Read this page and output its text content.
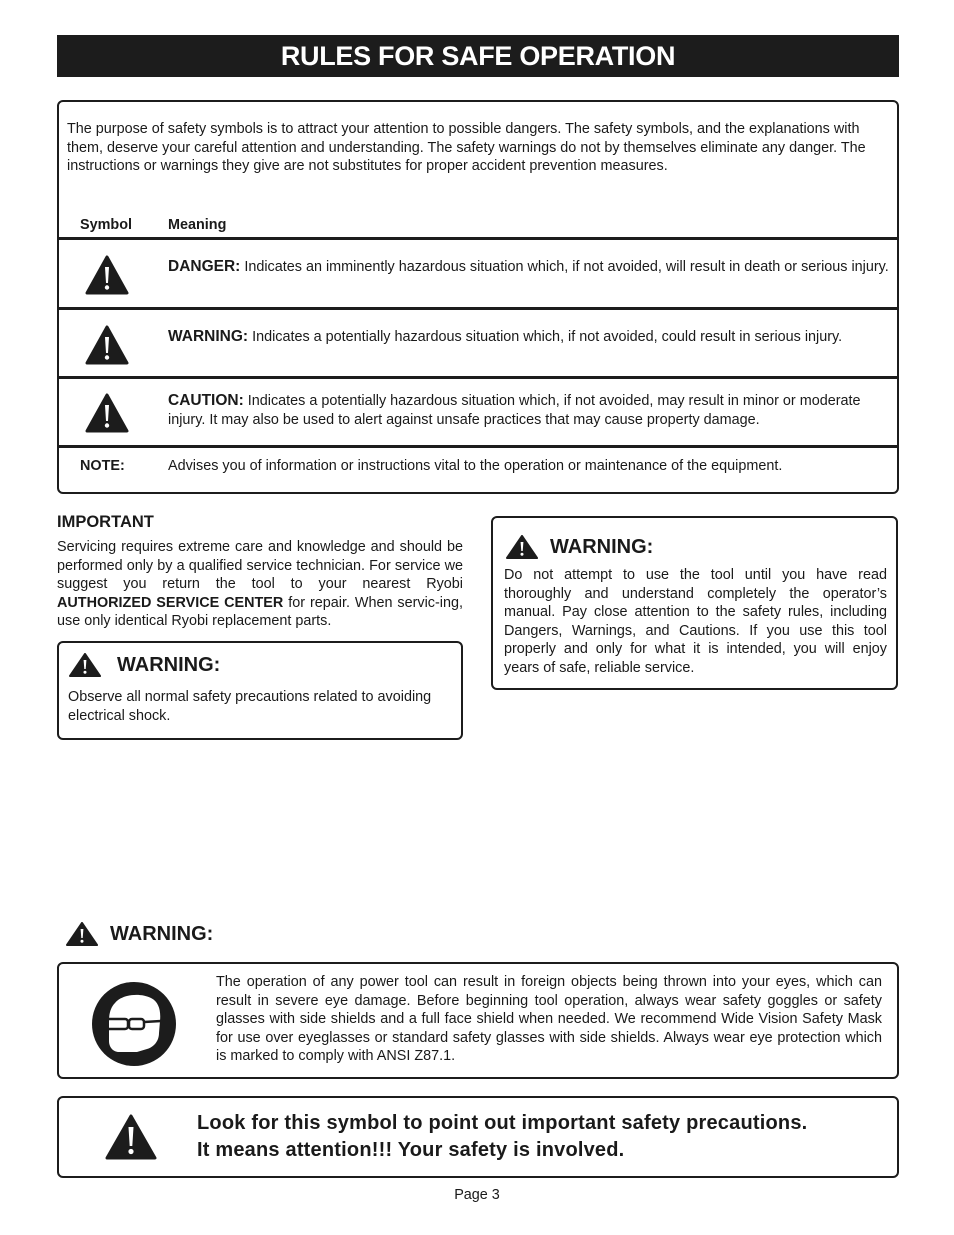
RULES FOR SAFE OPERATION

The purpose of safety symbols is to attract your attention to possible dangers. The safety symbols, and the explanations with them, deserve your careful attention and understanding. The safety warnings do not by themselves eliminate any danger. The instructions or warnings they give are not substitutes for proper accident prevention measures.

Symbol	Meaning

DANGER: Indicates an imminently hazardous situation which, if not avoided, will result in death or serious injury.

WARNING: Indicates a potentially hazardous situation which, if not avoided, could result in serious injury.

CAUTION: Indicates a potentially hazardous situation which, if not avoided, may result in minor or moderate injury. It may also be used to alert against unsafe practices that may cause property damage.

NOTE:	Advises you of information or instructions vital to the operation or maintenance of the equipment.
IMPORTANT

Servicing requires extreme care and knowledge and should be performed only by a qualified service technician. For service we suggest you return the tool to your nearest Ryobi AUTHORIZED SERVICE CENTER for repair. When servic-ing, use only identical Ryobi replacement parts.

WARNING:

Observe all normal safety precautions related to avoiding electrical shock.

WARNING:

Do not attempt to use the tool until you have read thoroughly and understand completely the operator’s manual. Pay close attention to the safety rules, including Dangers, Warnings, and Cautions. If you use this tool properly and only for what it is intended, you will enjoy years of safe, reliable service.

WARNING:

The operation of any power tool can result in foreign objects being thrown into your eyes, which can result in severe eye damage. Before beginning tool operation, always wear safety goggles or safety glasses with side shields and a full face shield when needed. We recommend Wide Vision Safety Mask for use over eyeglasses or standard safety glasses with side shields. Always wear eye protection which is marked to comply with ANSI Z87.1.

Look for this symbol to point out important safety precautions.
It means attention!!! Your safety is involved.
Page 3
